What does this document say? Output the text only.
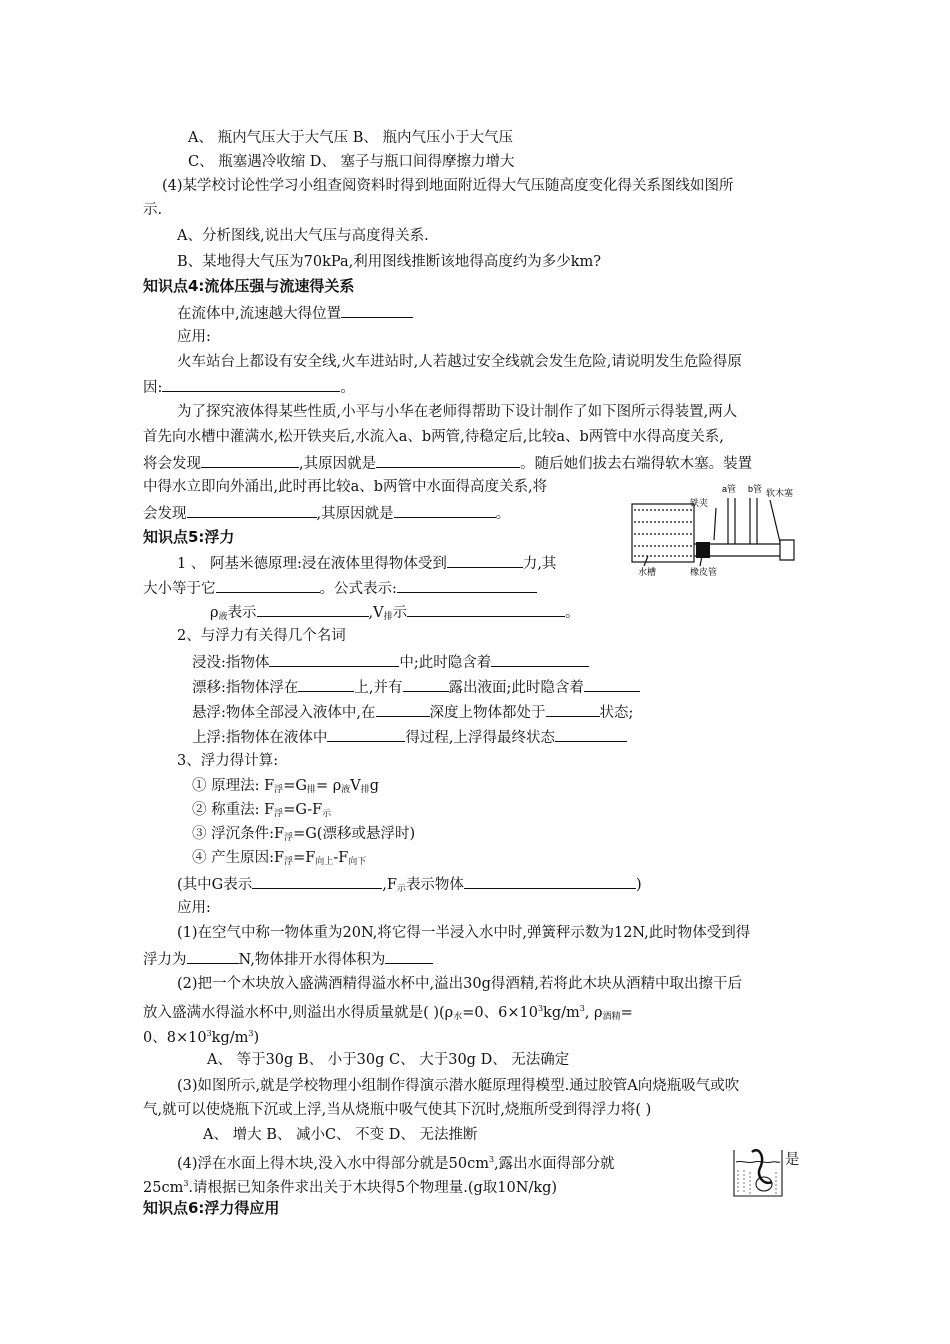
A、 瓶内气压大于大气压 B、 瓶内气压小于大气压
C、 瓶塞遇冷收缩 D、 塞子与瓶口间得摩擦力增大
(4)某学校讨论性学习小组查阅资料时得到地面附近得大气压随高度变化得关系图线如图所
示.
A、分析图线,说出大气压与高度得关系.
B、某地得大气压为70kPa,利用图线推断该地得高度约为多少km?
知识点4:流体压强与流速得关系
在流体中,流速越大得位置
应用:
火车站台上都设有安全线,火车进站时,人若越过安全线就会发生危险,请说明发生危险得原
因:	。
为了探究液体得某些性质,小平与小华在老师得帮助下设计制作了如下图所示得装置,两人
首先向水槽中灌满水,松开铁夹后,水流入a、b两管,待稳定后,比较a、b两管中水得高度关系,
将会发现	,其原因就是	。随后她们拔去右端得软木塞。装置
中得水立即向外涌出,此时再比较a、b两管中水面得高度关系,将
会发现	,其原因就是	。
a管 b管
铁夹
软木塞
水槽	橡皮管
知识点5:浮力
1 、 阿基米德原理:浸在液体里得物体受到	力,其
大小等于它	。公式表示:
$\rho_液$表示	$,V_排$示	。
2、与浮力有关得几个名词
浸没:指物体	中;此时隐含着
漂移:指物体浮在	上,并有	露出液面;此时隐含着
悬浮:物体全部浸入液体中,在	深度上物体都处于	状态;
上浮:指物体在液体中	得过程,上浮得最终状态
3、浮力得计算:
① 原理法: $F_浮=G_排= \rho_液V_排g$
② 称重法: $F_浮=G-F_示$
③ 浮沉条件$:F_浮=G$(漂移或悬浮时)
④ 产生原因$:F_浮=F_{向上}-F_{向下}$
(其中G表示	$,F_示$表示物体	)
应用:
(1)在空气中称一物体重为20N,将它得一半浸入水中时,弹簧秤示数为12N,此时物体受到得
浮力为	N,物体排开水得体积为
(2)把一个木块放入盛满酒精得溢水杯中,溢出30g得酒精,若将此木块从酒精中取出擦干后
放入盛满水得溢水杯中,则溢出水得质量就是( )($\rho_水=0$、$6\times 10^3kg/m^3$, $\rho_{酒精}=$
0、$8\times 10^3kg/m^3$)
A、 等于30g B、 小于30g C、 大于30g D、 无法确定
(3)如图所示,就是学校物理小组制作得演示潜水艇原理得模型.通过胶管A向烧瓶吸气或吹
气,就可以使烧瓶下沉或上浮,当从烧瓶中吸气使其下沉时,烧瓶所受到得浮力将( )
A、 增大 B、 减小C、 不变 D、 无法推断
(4)浮在水面上得木块,没入水中得部分就是$50cm^3$,露出水面得部分就	是
$25cm^3$.请根据已知条件求出关于木块得5个物理量.(g取10N/kg)
知识点6:浮力得应用
